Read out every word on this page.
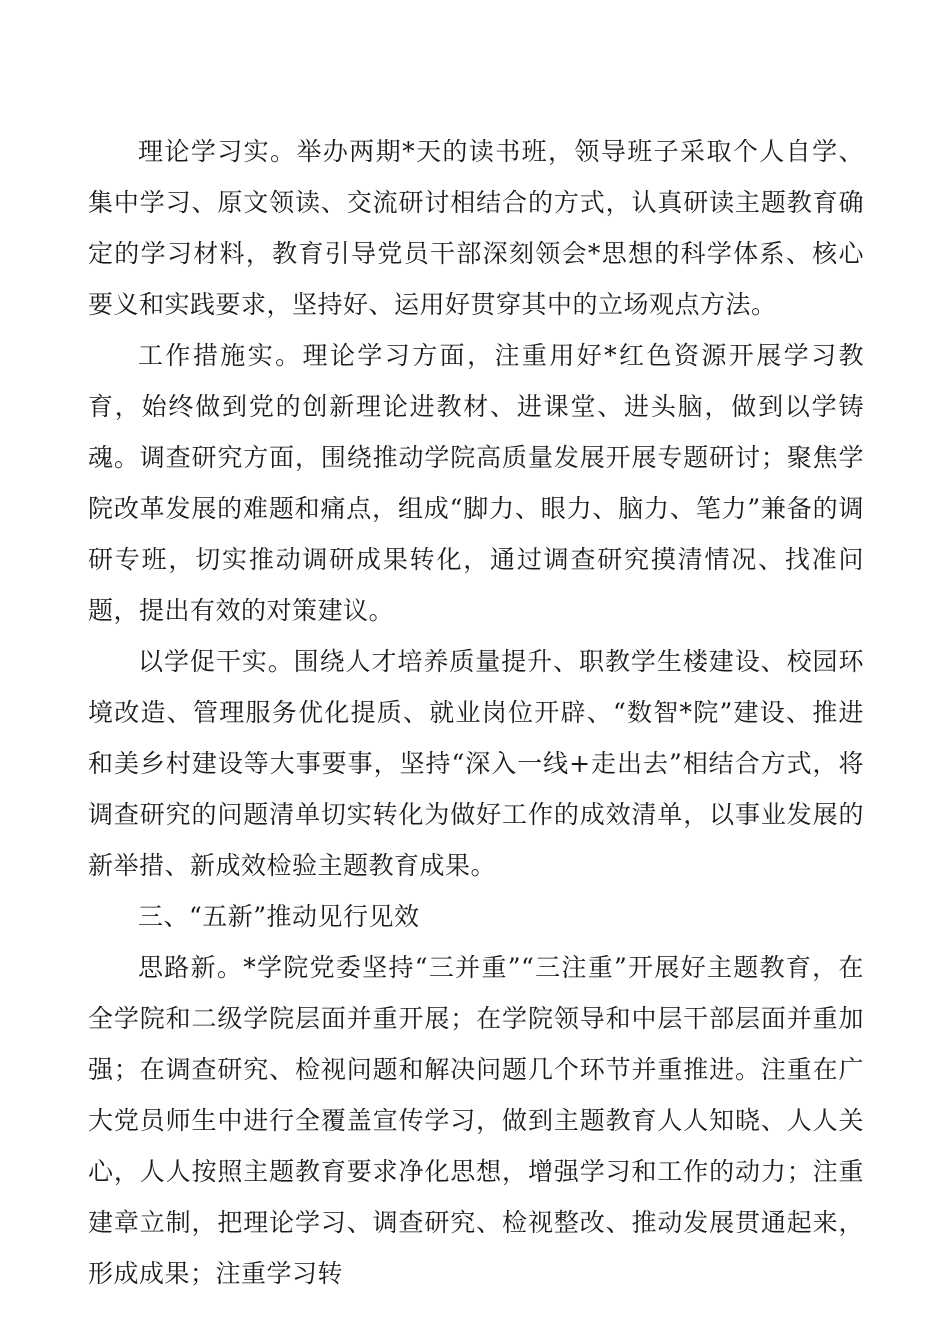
理论学习实。举办两期*天的读书班，领导班子采取个人自学、集中学习、原文领读、交流研讨相结合的方式，认真研读主题教育确定的学习材料，教育引导党员干部深刻领会*思想的科学体系、核心要义和实践要求，坚持好、运用好贯穿其中的立场观点方法。

工作措施实。理论学习方面，注重用好*红色资源开展学习教育，始终做到党的创新理论进教材、进课堂、进头脑，做到以学铸魂。调查研究方面，围绕推动学院高质量发展开展专题研讨；聚焦学院改革发展的难题和痛点，组成“脚力、眼力、脑力、笔力”兼备的调研专班，切实推动调研成果转化，通过调查研究摸清情况、找准问题，提出有效的对策建议。

以学促干实。围绕人才培养质量提升、职教学生楼建设、校园环境改造、管理服务优化提质、就业岗位开辟、“数智*院”建设、推进和美乡村建设等大事要事，坚持“深入一线+走出去”相结合方式，将调查研究的问题清单切实转化为做好工作的成效清单，以事业发展的新举措、新成效检验主题教育成果。

三、“五新”推动见行见效

思路新。*学院党委坚持“三并重”“三注重”开展好主题教育，在全学院和二级学院层面并重开展；在学院领导和中层干部层面并重加强；在调查研究、检视问题和解决问题几个环节并重推进。注重在广大党员师生中进行全覆盖宣传学习，做到主题教育人人知晓、人人关心，人人按照主题教育要求净化思想，增强学习和工作的动力；注重建章立制，把理论学习、调查研究、检视整改、推动发展贯通起来，形成成果；注重学习转
